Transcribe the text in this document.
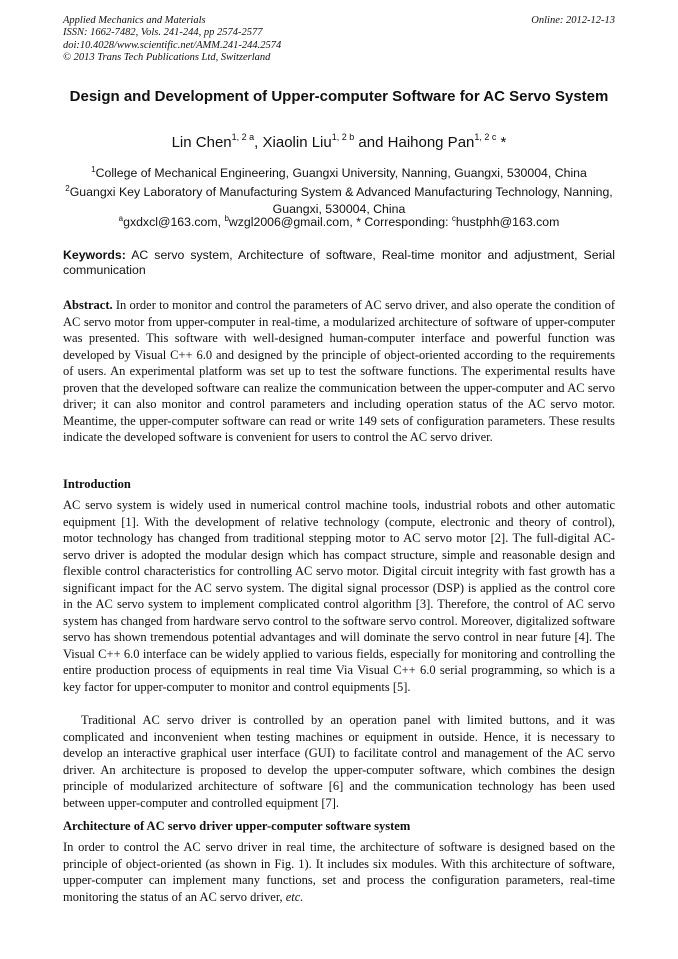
Applied Mechanics and Materials
ISSN: 1662-7482, Vols. 241-244, pp 2574-2577
doi:10.4028/www.scientific.net/AMM.241-244.2574
© 2013 Trans Tech Publications Ltd, Switzerland
Online: 2012-12-13
Design and Development of Upper-computer Software for AC Servo System
Lin Chen$^{1, 2 a}$, Xiaolin Liu$^{1, 2 b}$ and Haihong Pan$^{1, 2 c}$ *
$^1$College of Mechanical Engineering, Guangxi University, Nanning, Guangxi, 530004, China
$^2$Guangxi Key Laboratory of Manufacturing System & Advanced Manufacturing Technology, Nanning, Guangxi, 530004, China
$^a$gxdxcl@163.com, $^b$wzgl2006@gmail.com, * Corresponding: $^c$hustphh@163.com
Keywords: AC servo system, Architecture of software, Real-time monitor and adjustment, Serial communication
Abstract. In order to monitor and control the parameters of AC servo driver, and also operate the condition of AC servo motor from upper-computer in real-time, a modularized architecture of software of upper-computer was presented. This software with well-designed human-computer interface and powerful function was developed by Visual C++ 6.0 and designed by the principle of object-oriented according to the requirements of users. An experimental platform was set up to test the software functions. The experimental results have proven that the developed software can realize the communication between the upper-computer and AC servo driver; it can also monitor and control parameters and including operation status of the AC servo motor. Meantime, the upper-computer software can read or write 149 sets of configuration parameters. These results indicate the developed software is convenient for users to control the AC servo driver.
Introduction
AC servo system is widely used in numerical control machine tools, industrial robots and other automatic equipment [1]. With the development of relative technology (compute, electronic and theory of control), motor technology has changed from traditional stepping motor to AC servo motor [2]. The full-digital AC-servo driver is adopted the modular design which has compact structure, simple and reasonable design and flexible control characteristics for controlling AC servo motor. Digital circuit integrity with fast growth has a significant impact for the AC servo system. The digital signal processor (DSP) is applied as the control core in the AC servo system to implement complicated control algorithm [3]. Therefore, the control of AC servo system has changed from hardware servo control to the software servo control. Moreover, digitalized software servo has shown tremendous potential advantages and will dominate the servo control in near future [4]. The Visual C++ 6.0 interface can be widely applied to various fields, especially for monitoring and controlling the entire production process of equipments in real time Via Visual C++ 6.0 serial programming, so which is a key factor for upper-computer to monitor and control equipments [5].
Traditional AC servo driver is controlled by an operation panel with limited buttons, and it was complicated and inconvenient when testing machines or equipment in outside. Hence, it is necessary to develop an interactive graphical user interface (GUI) to facilitate control and management of the AC servo driver. An architecture is proposed to develop the upper-computer software, which combines the design principle of modularized architecture of software [6] and the communication technology has been used between upper-computer and controlled equipment [7].
Architecture of AC servo driver upper-computer software system
In order to control the AC servo driver in real time, the architecture of software is designed based on the principle of object-oriented (as shown in Fig. 1). It includes six modules. With this architecture of software, upper-computer can implement many functions, set and process the configuration parameters, real-time monitoring the status of an AC servo driver, etc.
